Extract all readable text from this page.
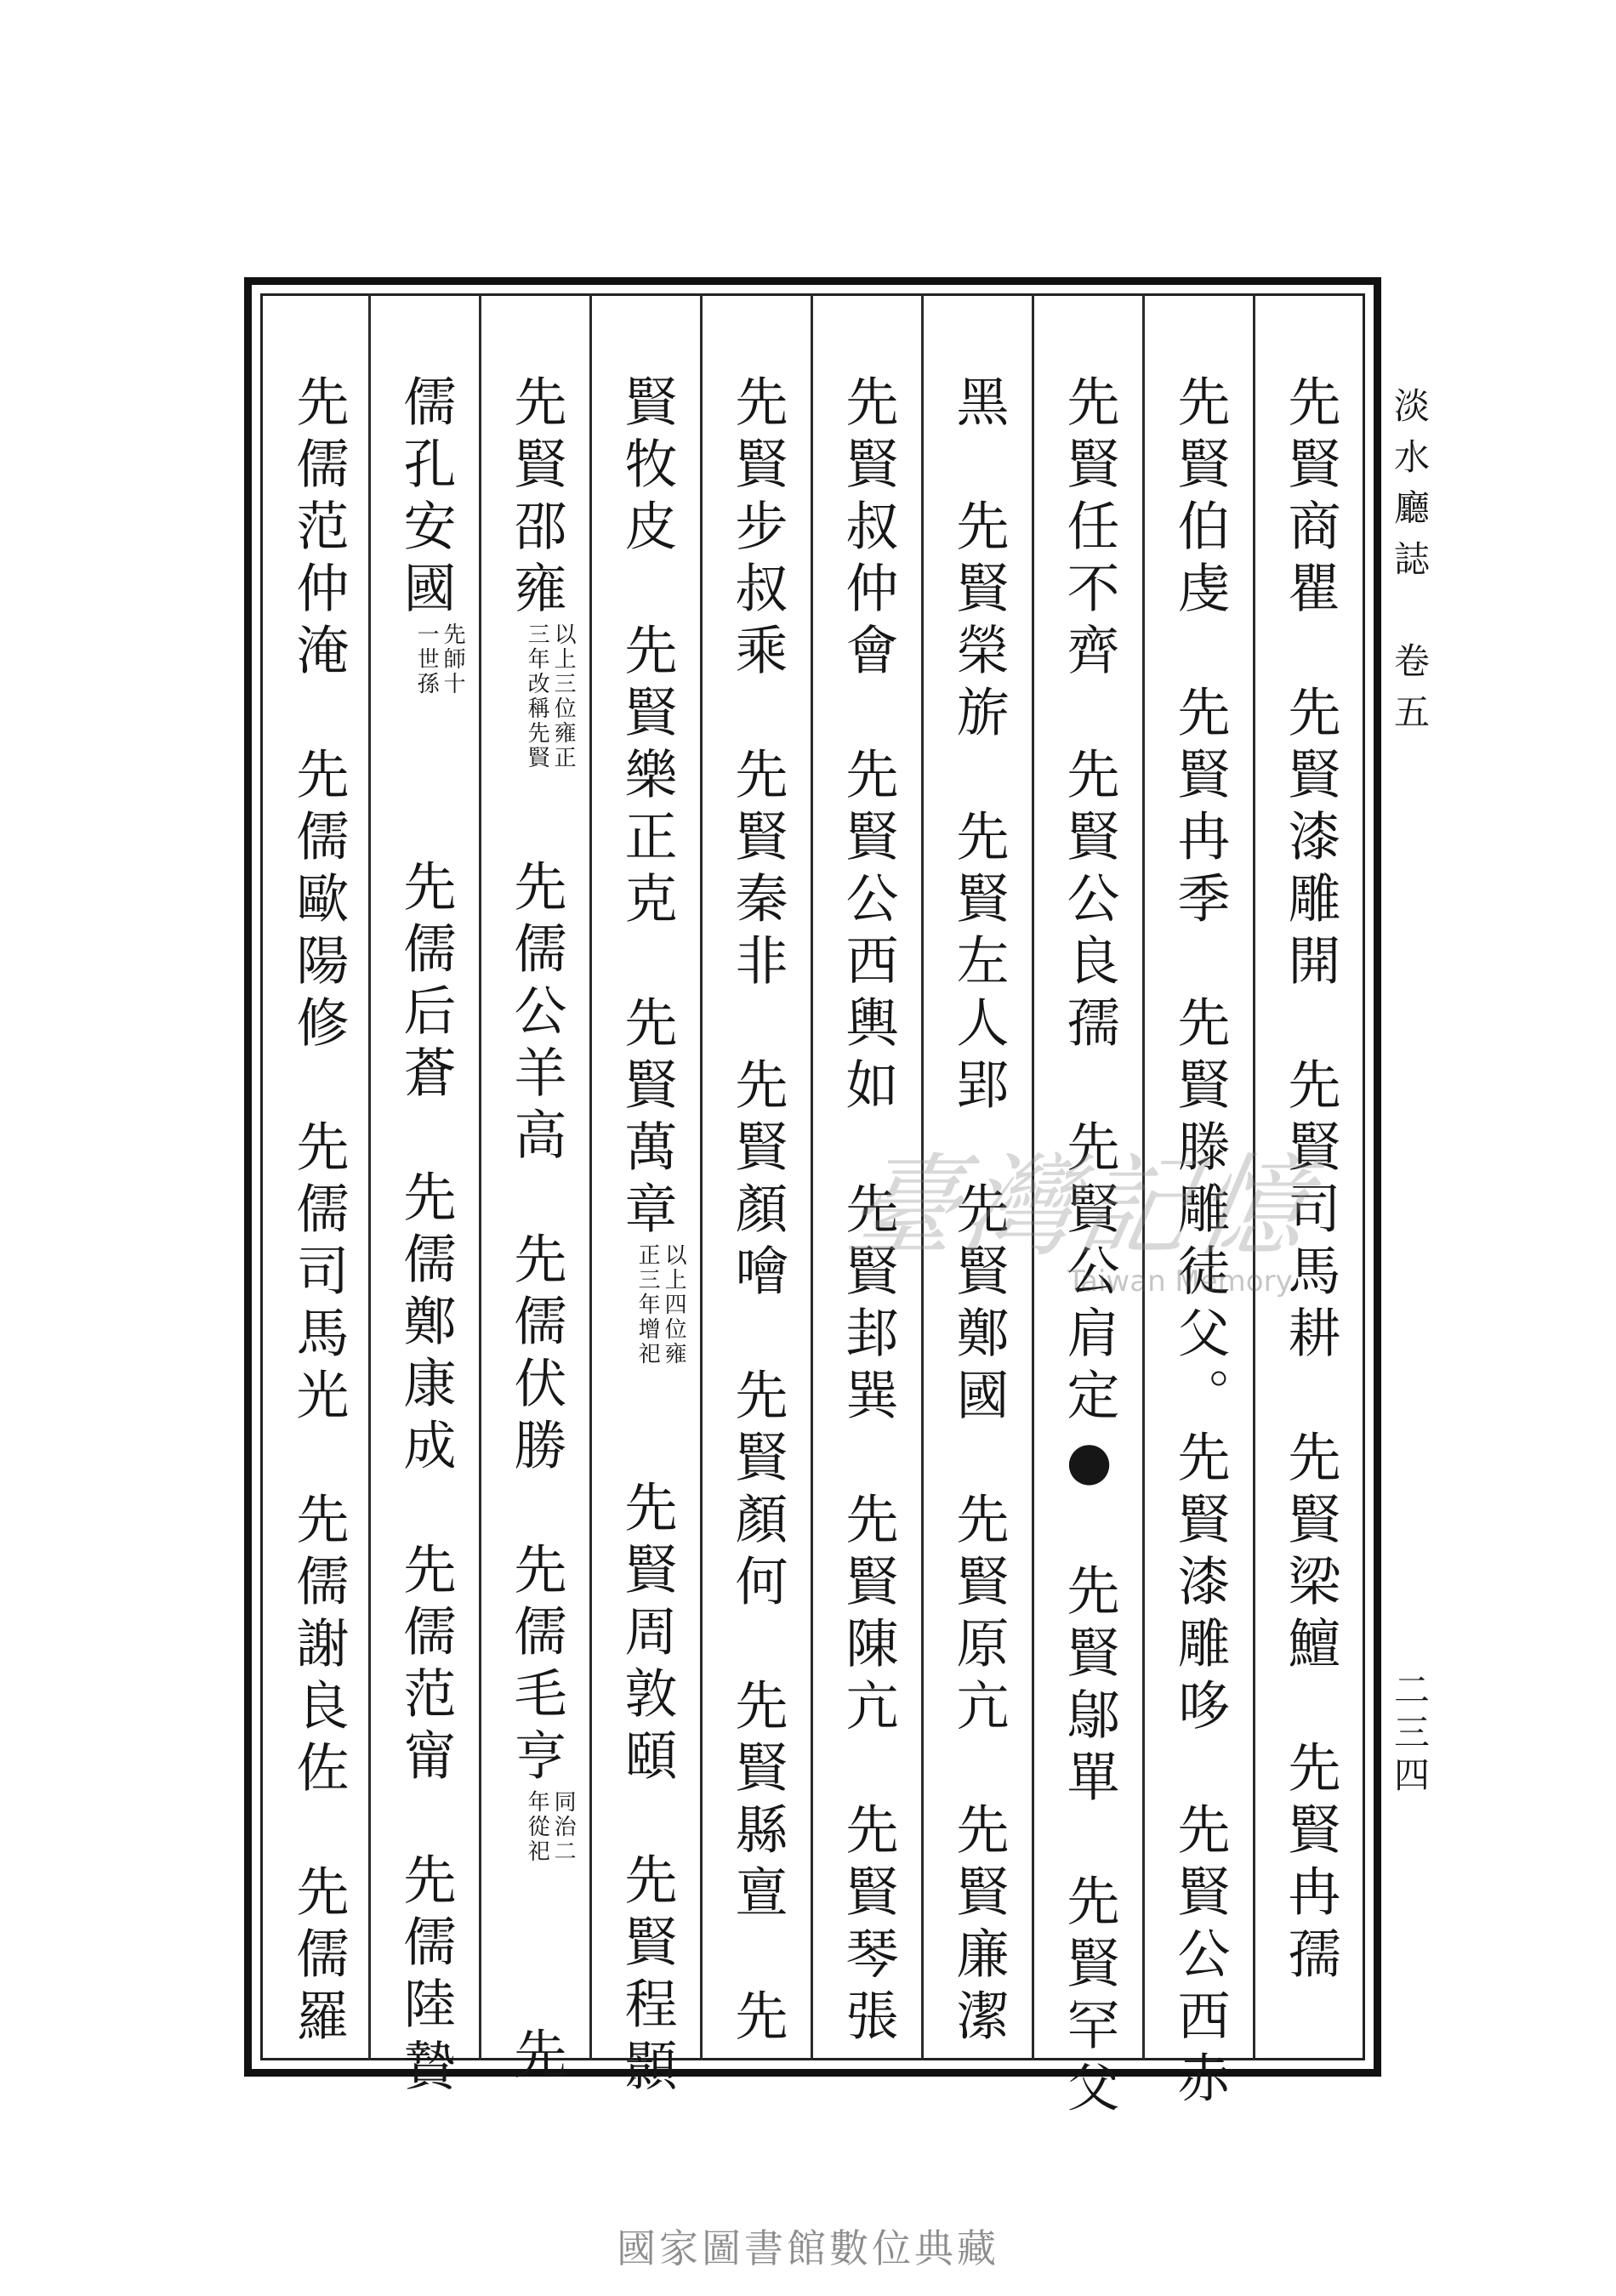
淡水廳誌　卷五
二三四
先賢商瞿　先賢漆雕開　先賢司馬耕　先賢梁鱣　先賢冉孺
先賢伯虔　先賢冉季　先賢滕雕徒父。先賢漆雕哆　先賢公西赤
先賢任不齊　先賢公良孺　先賢公肩定●　先賢鄔單　先賢罕父
黑　先賢榮旂　先賢左人郢　先賢鄭國　先賢原亢　先賢廉潔
先賢叔仲會　先賢公西輿如　先賢邽巽　先賢陳亢　先賢琴張
先賢步叔乘　先賢秦非　先賢顏噲　先賢顏何　先賢縣亶　先
賢牧皮　先賢樂正克　先賢萬章以上四位雍
正三年增祀　先賢周敦頤　先賢程顥
先賢邵雍以上三位雍正
三年改稱先賢　先儒公羊高　先儒伏勝　先儒毛亨同治二
年從祀　先
儒孔安國先師十
一世孫　先儒后蒼　先儒鄭康成　先儒范甯　先儒陸贄
先儒范仲淹　先儒歐陽修　先儒司馬光　先儒謝良佐　先儒羅	臺灣記憶
Taiwan Memory
國家圖書館數位典藏
